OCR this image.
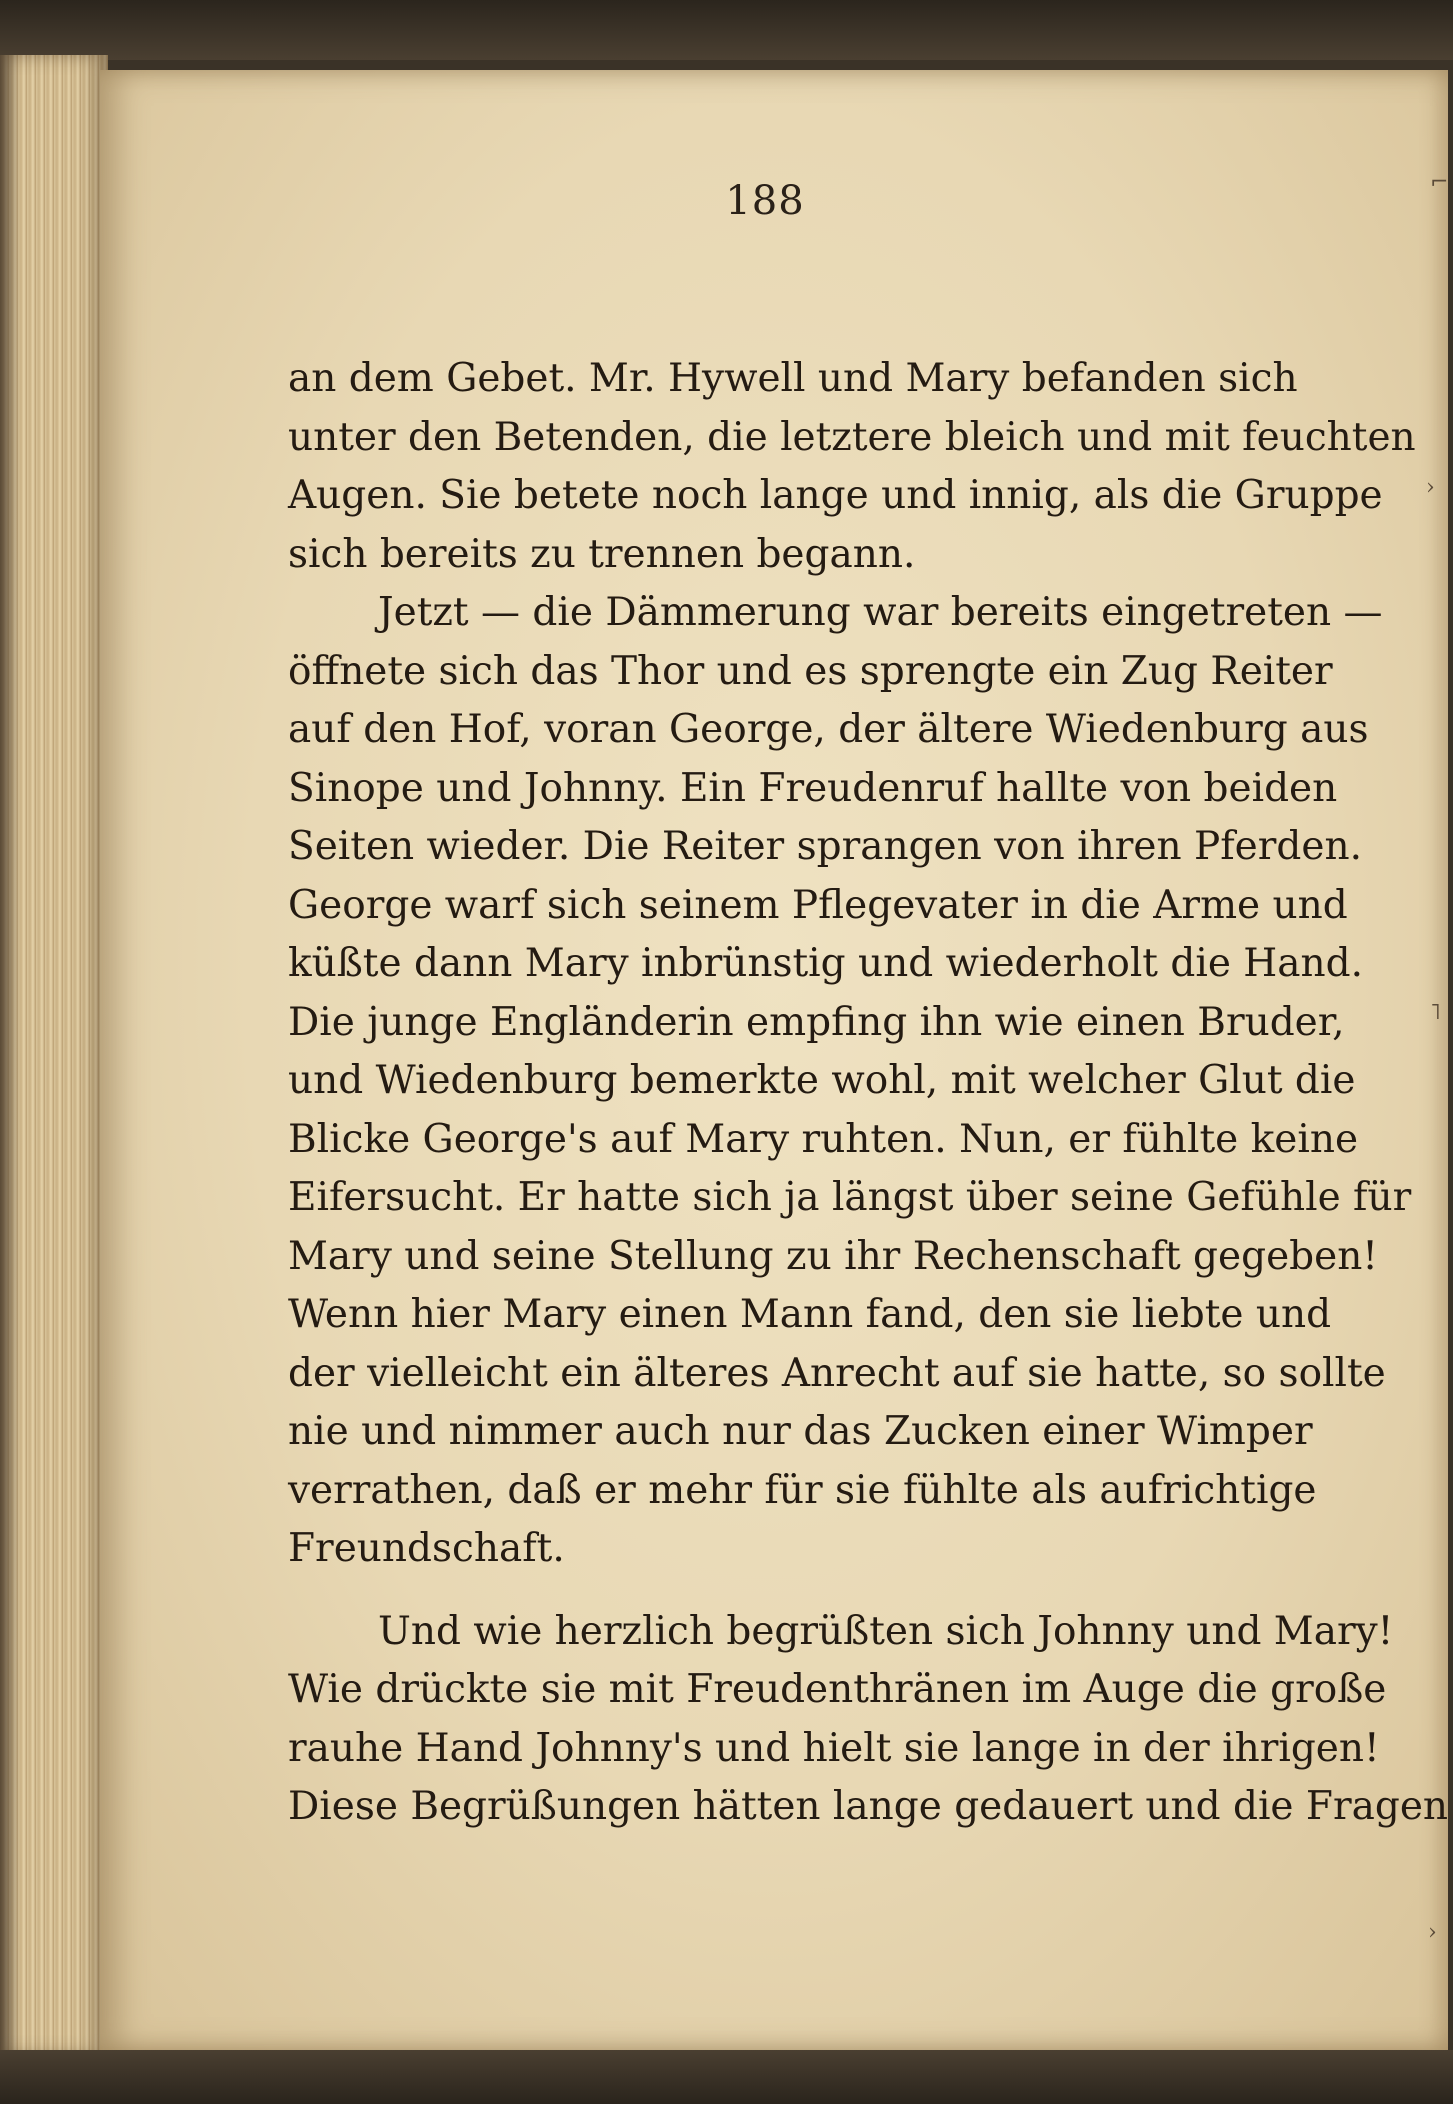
⌐
›
˥
›
188
an dem Gebet. Mr. Hywell und Mary befanden sich
unter den Betenden, die letztere bleich und mit feuchten
Augen. Sie betete noch lange und innig, als die Gruppe
sich bereits zu trennen begann.
Jetzt — die Dämmerung war bereits eingetreten —
öffnete sich das Thor und es sprengte ein Zug Reiter
auf den Hof, voran George, der ältere Wiedenburg aus
Sinope und Johnny. Ein Freudenruf hallte von beiden
Seiten wieder. Die Reiter sprangen von ihren Pferden.
George warf sich seinem Pflegevater in die Arme und
küßte dann Mary inbrünstig und wiederholt die Hand.
Die junge Engländerin empfing ihn wie einen Bruder,
und Wiedenburg bemerkte wohl, mit welcher Glut die
Blicke George's auf Mary ruhten. Nun, er fühlte keine
Eifersucht. Er hatte sich ja längst über seine Gefühle für
Mary und seine Stellung zu ihr Rechenschaft gegeben!
Wenn hier Mary einen Mann fand, den sie liebte und
der vielleicht ein älteres Anrecht auf sie hatte, so sollte
nie und nimmer auch nur das Zucken einer Wimper
verrathen, daß er mehr für sie fühlte als aufrichtige
Freundschaft.
Und wie herzlich begrüßten sich Johnny und Mary!
Wie drückte sie mit Freudenthränen im Auge die große
rauhe Hand Johnny's und hielt sie lange in der ihrigen!
Diese Begrüßungen hätten lange gedauert und die Fragen
